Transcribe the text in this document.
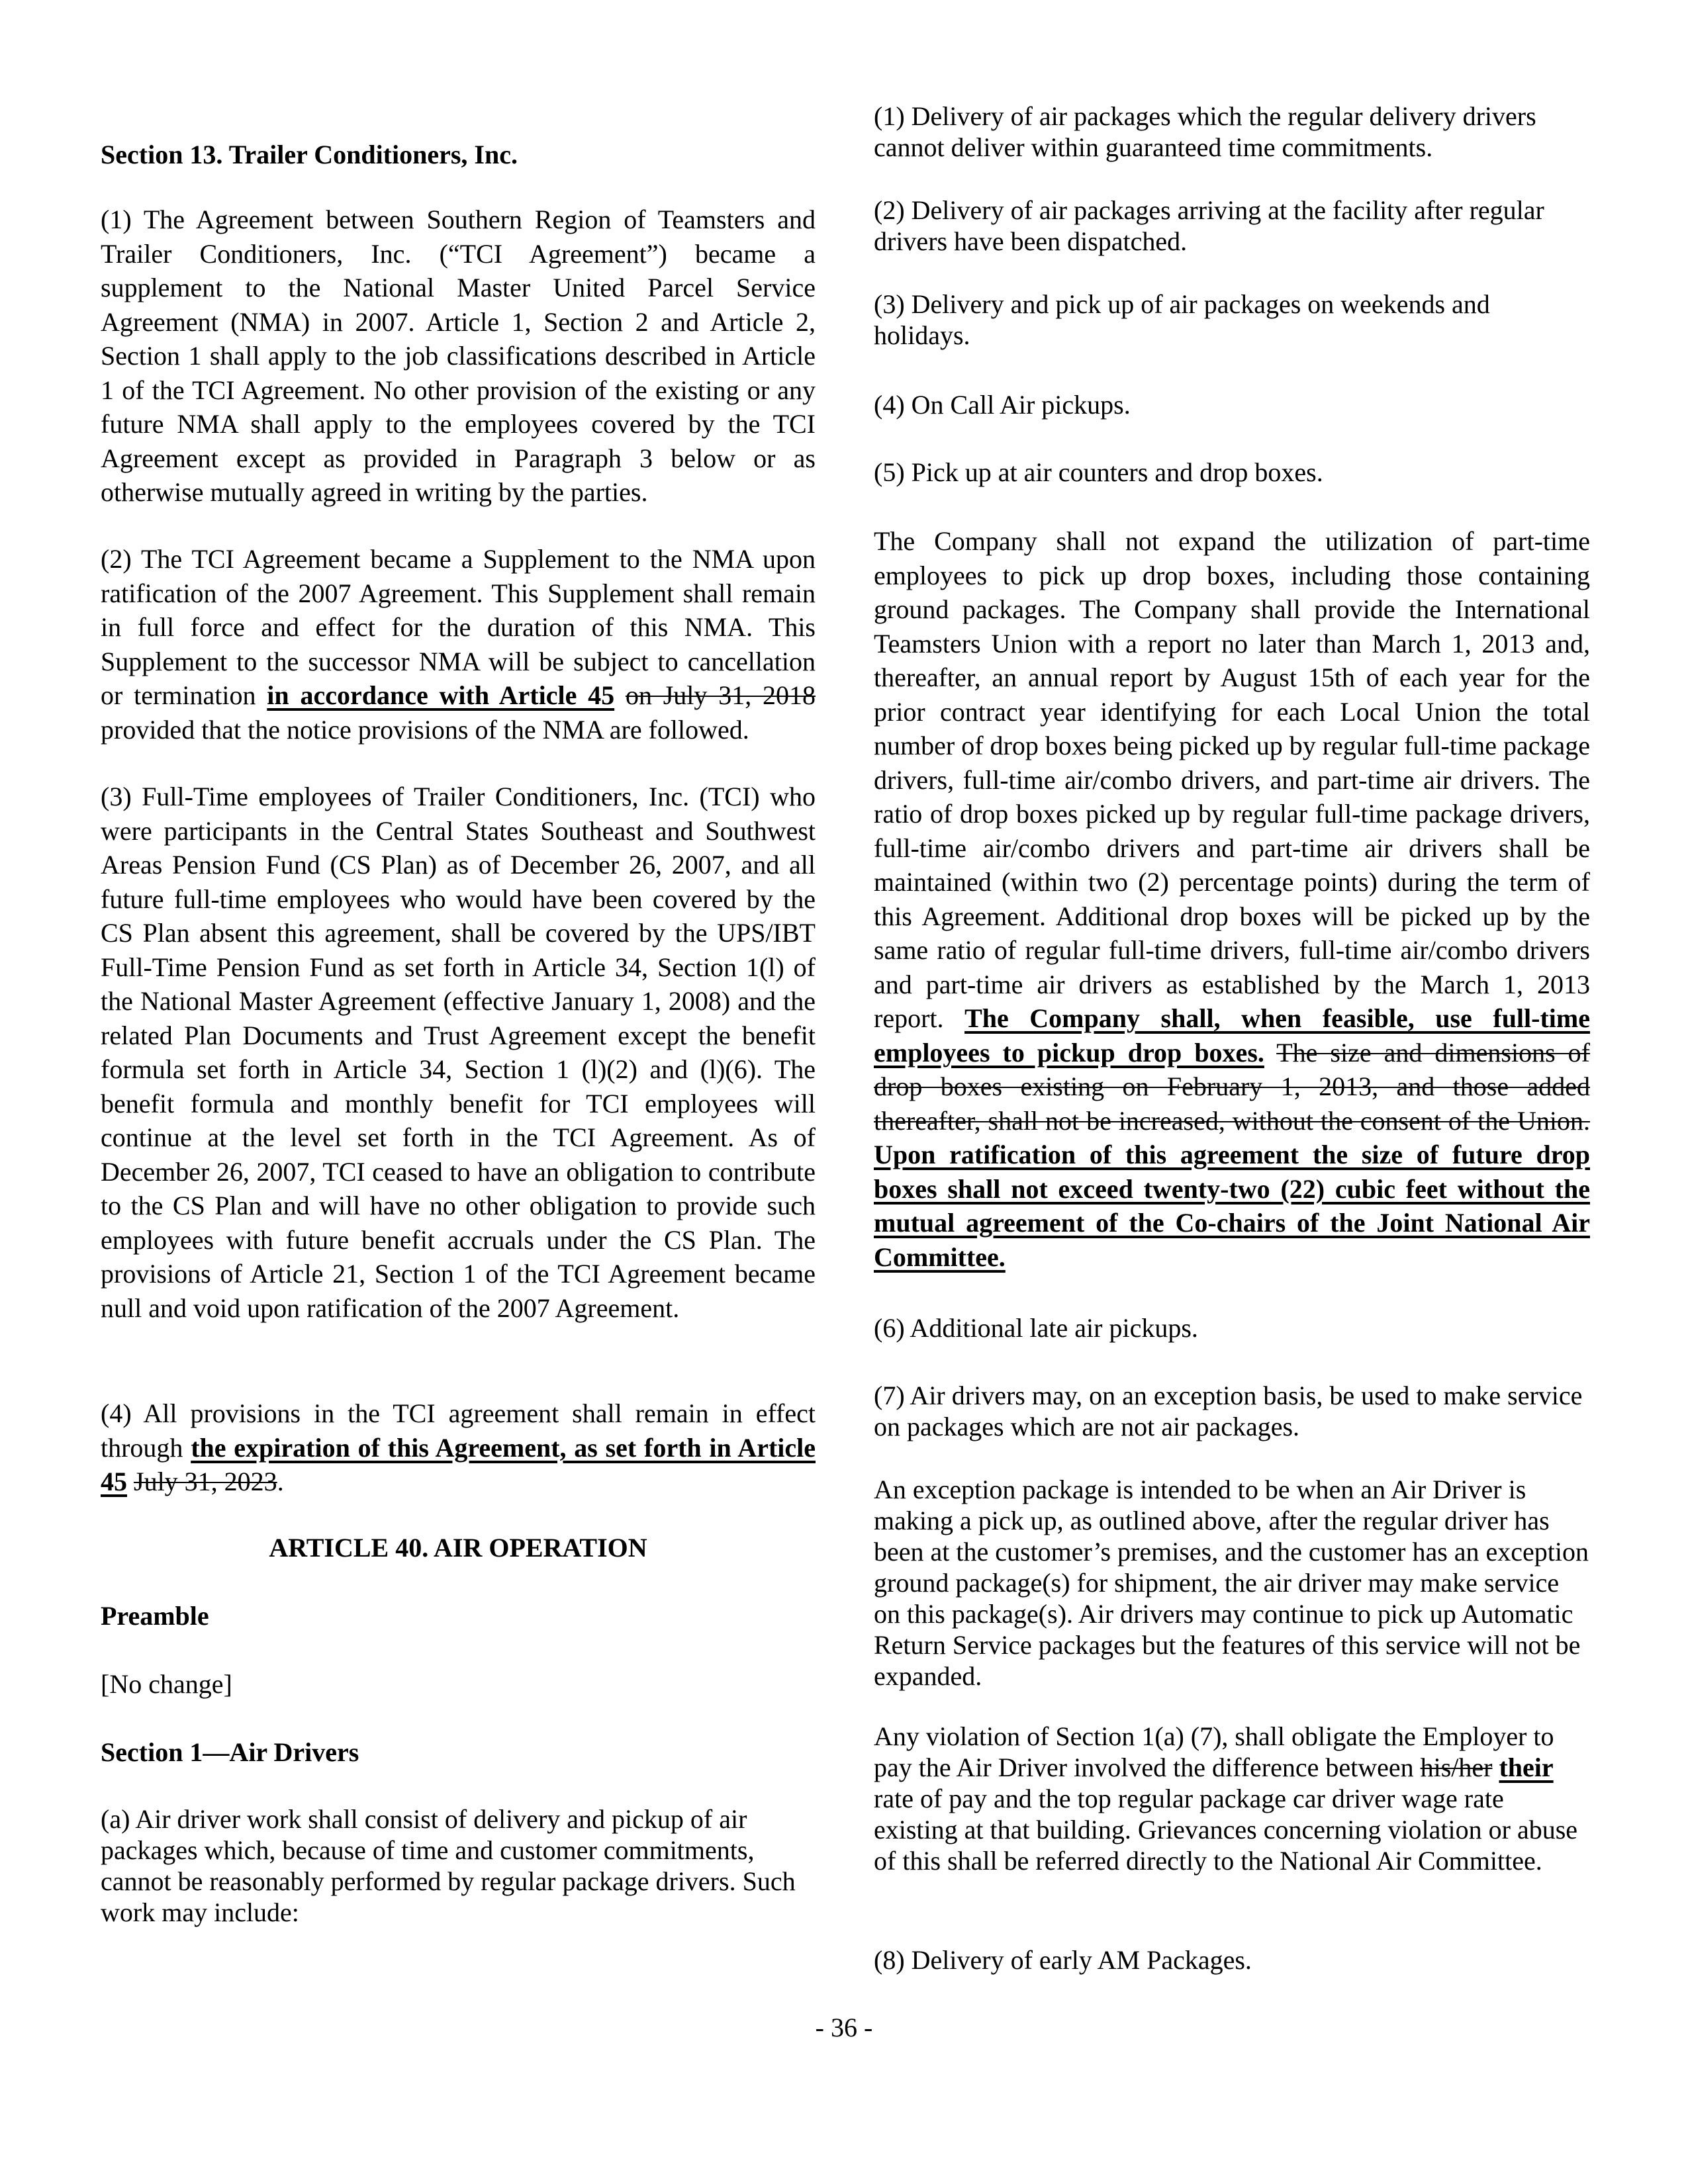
Section 13. Trailer Conditioners, Inc.

(1) The Agreement between Southern Region of Teamsters and Trailer Conditioners, Inc. (“TCI Agreement”) became a supplement to the National Master United Parcel Service Agreement (NMA) in 2007. Article 1, Section 2 and Article 2, Section 1 shall apply to the job classifications described in Article 1 of the TCI Agreement. No other provision of the existing or any future NMA shall apply to the employees covered by the TCI Agreement except as provided in Paragraph 3 below or as otherwise mutually agreed in writing by the parties.

(2) The TCI Agreement became a Supplement to the NMA upon ratification of the 2007 Agreement. This Supplement shall remain in full force and effect for the duration of this NMA. This Supplement to the successor NMA will be subject to cancellation or termination in accordance with Article 45 on July 31, 2018 provided that the notice provisions of the NMA are followed.

(3) Full-Time employees of Trailer Conditioners, Inc. (TCI) who were participants in the Central States Southeast and Southwest Areas Pension Fund (CS Plan) as of December 26, 2007, and all future full-time employees who would have been covered by the CS Plan absent this agreement, shall be covered by the UPS/IBT Full-Time Pension Fund as set forth in Article 34, Section 1(l) of the National Master Agreement (effective January 1, 2008) and the related Plan Documents and Trust Agreement except the benefit formula set forth in Article 34, Section 1 (l)(2) and (l)(6). The benefit formula and monthly benefit for TCI employees will continue at the level set forth in the TCI Agreement. As of December 26, 2007, TCI ceased to have an obligation to contribute to the CS Plan and will have no other obligation to provide such employees with future benefit accruals under the CS Plan. The provisions of Article 21, Section 1 of the TCI Agreement became null and void upon ratification of the 2007 Agreement.

(4) All provisions in the TCI agreement shall remain in effect through the expiration of this Agreement, as set forth in Article 45 July 31, 2023.

ARTICLE 40. AIR OPERATION

Preamble

[No change]

Section 1—Air Drivers

(a) Air driver work shall consist of delivery and pickup of air packages which, because of time and customer commitments, cannot be reasonably performed by regular package drivers. Such work may include:

(1) Delivery of air packages which the regular delivery drivers cannot deliver within guaranteed time commitments.

(2) Delivery of air packages arriving at the facility after regular drivers have been dispatched.

(3) Delivery and pick up of air packages on weekends and holidays.

(4) On Call Air pickups.

(5) Pick up at air counters and drop boxes.

The Company shall not expand the utilization of part-time employees to pick up drop boxes, including those containing ground packages. The Company shall provide the International Teamsters Union with a report no later than March 1, 2013 and, thereafter, an annual report by August 15th of each year for the prior contract year identifying for each Local Union the total number of drop boxes being picked up by regular full-time package drivers, full-time air/combo drivers, and part-time air drivers. The ratio of drop boxes picked up by regular full-time package drivers, full-time air/combo drivers and part-time air drivers shall be maintained (within two (2) percentage points) during the term of this Agreement. Additional drop boxes will be picked up by the same ratio of regular full-time drivers, full-time air/combo drivers and part-time air drivers as established by the March 1, 2013 report. The Company shall, when feasible, use full-time employees to pickup drop boxes. The size and dimensions of drop boxes existing on February 1, 2013, and those added thereafter, shall not be increased, without the consent of the Union. Upon ratification of this agreement the size of future drop boxes shall not exceed twenty-two (22) cubic feet without the mutual agreement of the Co-chairs of the Joint National Air Committee.

(6) Additional late air pickups.

(7) Air drivers may, on an exception basis, be used to make service on packages which are not air packages.

An exception package is intended to be when an Air Driver is making a pick up, as outlined above, after the regular driver has been at the customer’s premises, and the customer has an exception ground package(s) for shipment, the air driver may make service on this package(s). Air drivers may continue to pick up Automatic Return Service packages but the features of this service will not be expanded.

Any violation of Section 1(a) (7), shall obligate the Employer to pay the Air Driver involved the difference between his/her their rate of pay and the top regular package car driver wage rate existing at that building. Grievances concerning violation or abuse of this shall be referred directly to the National Air Committee.

(8) Delivery of early AM Packages.

- 36 -
